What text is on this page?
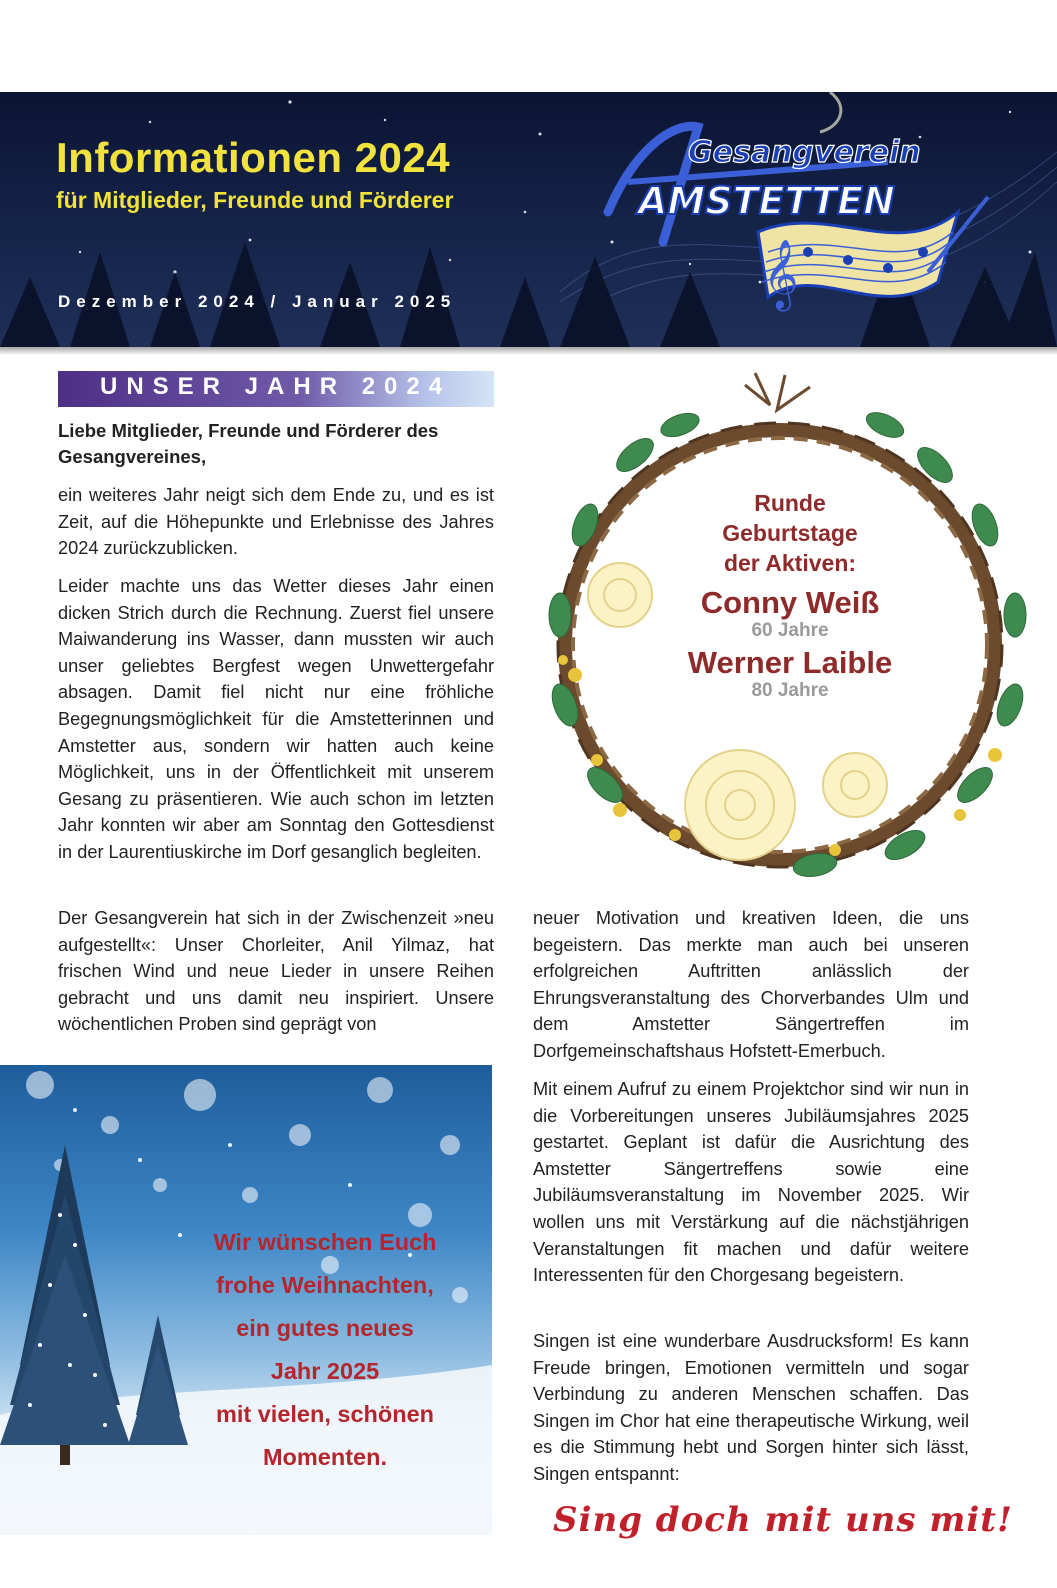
Informationen 2024
für Mitglieder, Freunde und Förderer
Dezember 2024 / Januar 2025
Gesangverein
AMSTETTEN
𝄞
UNSER JAHR 2024
Liebe Mitglieder, Freunde und Förderer des Gesangvereines,

ein weiteres Jahr neigt sich dem Ende zu, und es ist Zeit, auf die Höhepunkte und Erlebnisse des Jahres 2024 zurückzublicken.

Leider machte uns das Wetter dieses Jahr einen dicken Strich durch die Rechnung. Zuerst fiel unsere Maiwanderung ins Wasser, dann mussten wir auch unser geliebtes Bergfest wegen Unwettergefahr absagen. Damit fiel nicht nur eine fröhliche Begegnungsmöglichkeit für die Amstetterinnen und Amstetter aus, sondern wir hatten auch keine Möglichkeit, uns in der Öffentlichkeit mit unserem Gesang zu präsentieren. Wie auch schon im letzten Jahr konnten wir aber am Sonntag den Gottesdienst in der Laurentiuskirche im Dorf gesanglich begleiten.

Der Gesangverein hat sich in der Zwischenzeit »neu aufgestellt«: Unser Chorleiter, Anil Yilmaz, hat frischen Wind und neue Lieder in unsere Reihen gebracht und uns damit neu inspiriert. Unsere wöchentlichen Proben sind geprägt von

neuer Motivation und kreativen Ideen, die uns begeistern. Das merkte man auch bei unseren erfolgreichen Auftritten anlässlich der Ehrungsveranstaltung des Chorverbandes Ulm und dem Amstetter Sängertreffen im Dorfgemeinschaftshaus Hofstett-Emerbuch.

Mit einem Aufruf zu einem Projektchor sind wir nun in die Vorbereitungen unseres Jubiläumsjahres 2025 gestartet. Geplant ist dafür die Ausrichtung des Amstetter Sängertreffens sowie eine Jubiläumsveranstaltung im November 2025. Wir wollen uns mit Verstärkung auf die nächstjährigen Veranstaltungen fit machen und dafür weitere Interessenten für den Chorgesang begeistern.

Singen ist eine wunderbare Ausdrucksform! Es kann Freude bringen, Emotionen vermitteln und sogar Verbindung zu anderen Menschen schaffen. Das Singen im Chor hat eine therapeutische Wirkung, weil es die Stimmung hebt und Sorgen hinter sich lässt, Singen entspannt:

Runde
Geburtstage
der Aktiven:
Conny Weiß
60 Jahre
Werner Laible
80 Jahre
Wir wünschen Euch
frohe Weihnachten,
ein gutes neues
Jahr 2025
mit vielen, schönen
Momenten.
Sing doch mit uns mit!
